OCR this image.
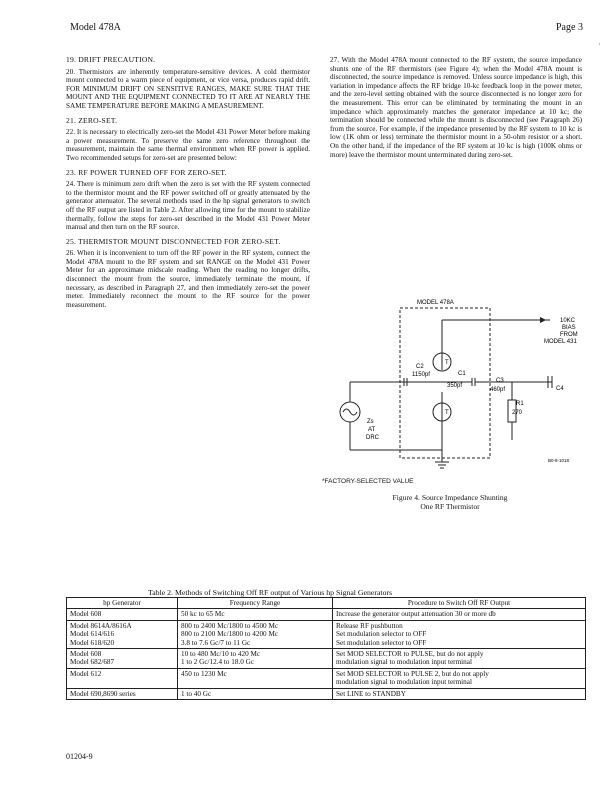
Model 478A	Page 3
19. DRIFT PRECAUTION.

20. Thermistors are inherently temperature-sensitive devices. A cold thermistor mount connected to a warm piece of equipment, or vice versa, produces rapid drift. FOR MINIMUM DRIFT ON SENSITIVE RANGES, MAKE SURE THAT THE MOUNT AND THE EQUIPMENT CONNECTED TO IT ARE AT NEARLY THE SAME TEMPERATURE BEFORE MAKING A MEASUREMENT.

21. ZERO-SET.

22. It is necessary to electrically zero-set the Model 431 Power Meter before making a power measurement. To preserve the same zero reference throughout the measurement, maintain the same thermal environment when RF power is applied. Two recommended setups for zero-set are presented below:

23. RF POWER TURNED OFF FOR ZERO-SET.

24. There is minimum zero drift when the zero is set with the RF system connected to the thermistor mount and the RF power switched off or greatly attenuated by the generator attenuator. The several methods used in the hp signal generators to switch off the RF output are listed in Table 2. After allowing time for the mount to stabilize thermally, follow the steps for zero-set described in the Model 431 Power Meter manual and then turn on the RF source.

25. THERMISTOR MOUNT DISCONNECTED FOR ZERO-SET.

26. When it is inconvenient to turn off the RF power in the RF system, connect the Model 478A mount to the RF system and set RANGE on the Model 431 Power Meter for an approximate midscale reading. When the reading no longer drifts, disconnect the mount from the source, immediately terminate the mount, if necessary, as described in Paragraph 27, and then immediately zero-set the power meter. Immediately reconnect the mount to the RF source for the power measurement.

27. With the Model 478A mount connected to the RF system, the source impedance shunts one of the RF thermistors (see Figure 4); when the Model 478A mount is disconnected, the source impedance is removed. Unless source impedance is high, this variation in impedance affects the RF bridge 10-kc feedback loop in the power meter, and the zero-level setting obtained with the source disconnected is no longer zero for the measurement. This error can be eliminated by terminating the mount in an impedance which approximately matches the generator impedance at 10 kc; the termination should be connected while the mount is disconnected (see Paragraph 26) from the source. For example, if the impedance presented by the RF system to 10 kc is low (1K ohm or less) terminate the thermistor mount in a 50-ohm resistor or a short. On the other hand, if the impedance of the RF system at 10 kc is high (100K ohms or more) leave the thermistor mount unterminated during zero-set.

MODEL 478A
10KC
BIAS
FROM
MODEL 431
T
T
C2
1150pf	C1
350pf
R1
270
C3
460pf	C4
Zs
AT
DRC
B0-8-1018
*FACTORY-SELECTED VALUE
Figure 4. Source Impedance Shunting
One RF Thermistor
Table 2. Methods of Switching Off RF output of Various hp Signal Generators
hp Generator	Frequency Range	Procedure to Switch Off RF Output
Model 608	50 kc to 65 Mc	Increase the generator output attenuation 30 or more db
Model 8614A/8616A
Model 614/616
Model 618/620	800 to 2400 Mc/1800 to 4500 Mc
800 to 2100 Mc/1800 to 4200 Mc
3.8 to 7.6 Gc/7 to 11 Gc	Release RF pushbutton
Set modulation selector to OFF
Set modulation selector to OFF
Model 608
Model 682/687	10 to 480 Mc/10 to 420 Mc
1 to 2 Gc/12.4 to 18.0 Gc	Set MOD SELECTOR to PULSE, but do not apply
modulation signal to modulation input terminal
Model 612	450 to 1230 Mc	Set MOD SELECTOR to PULSE 2, but do not apply
modulation signal to modulation input terminal
Model 690,8690 series	1 to 40 Gc	Set LINE to STANDBY
01204-9
·
